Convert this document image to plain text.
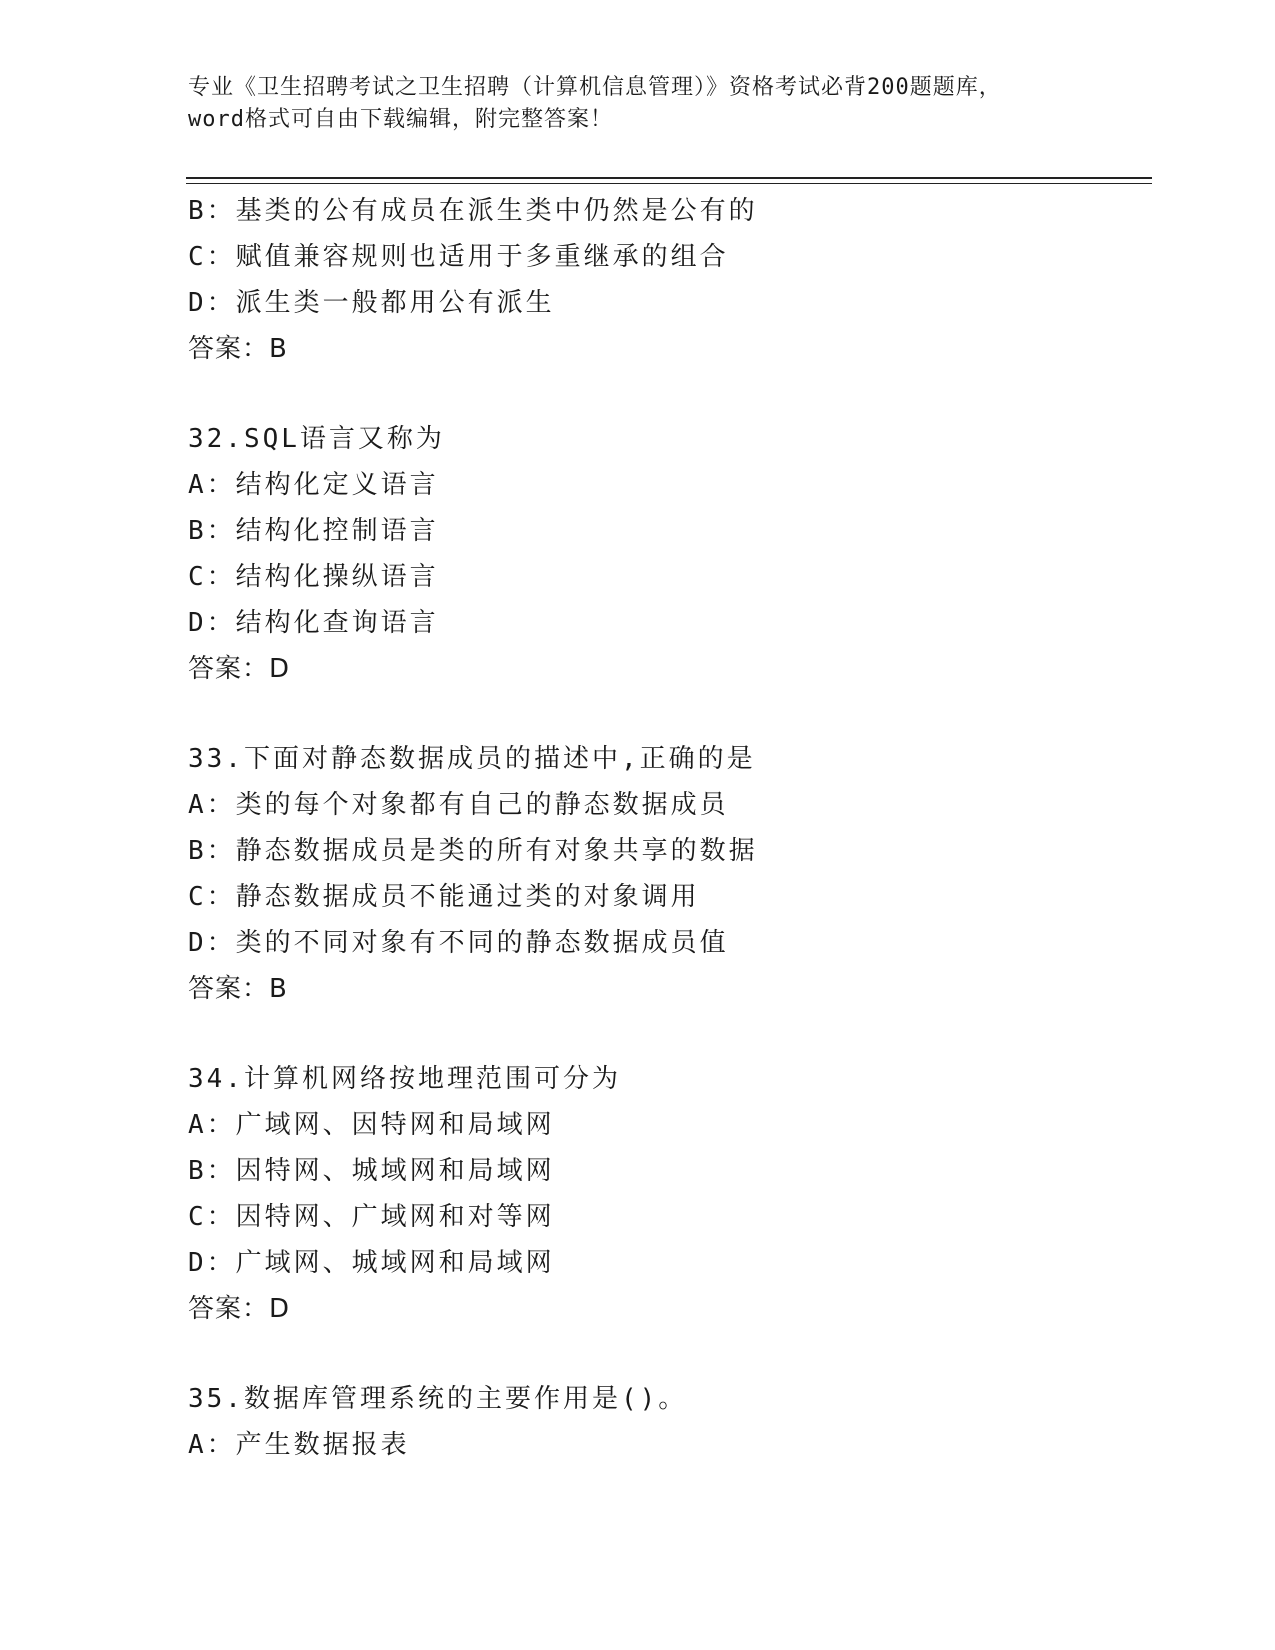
专业《卫生招聘考试之卫生招聘（计算机信息管理）》资格考试必背200题题库，
word格式可自由下载编辑，附完整答案！
B：基类的公有成员在派生类中仍然是公有的
C：赋值兼容规则也适用于多重继承的组合
D：派生类一般都用公有派生
答案：B
32.SQL语言又称为
A：结构化定义语言
B：结构化控制语言
C：结构化操纵语言
D：结构化查询语言
答案：D
33.下面对静态数据成员的描述中,正确的是
A：类的每个对象都有自己的静态数据成员
B：静态数据成员是类的所有对象共享的数据
C：静态数据成员不能通过类的对象调用
D：类的不同对象有不同的静态数据成员值
答案：B
34.计算机网络按地理范围可分为
A：广域网、因特网和局域网
B：因特网、城域网和局域网
C：因特网、广域网和对等网
D：广域网、城域网和局域网
答案：D
35.数据库管理系统的主要作用是()。
A：产生数据报表
